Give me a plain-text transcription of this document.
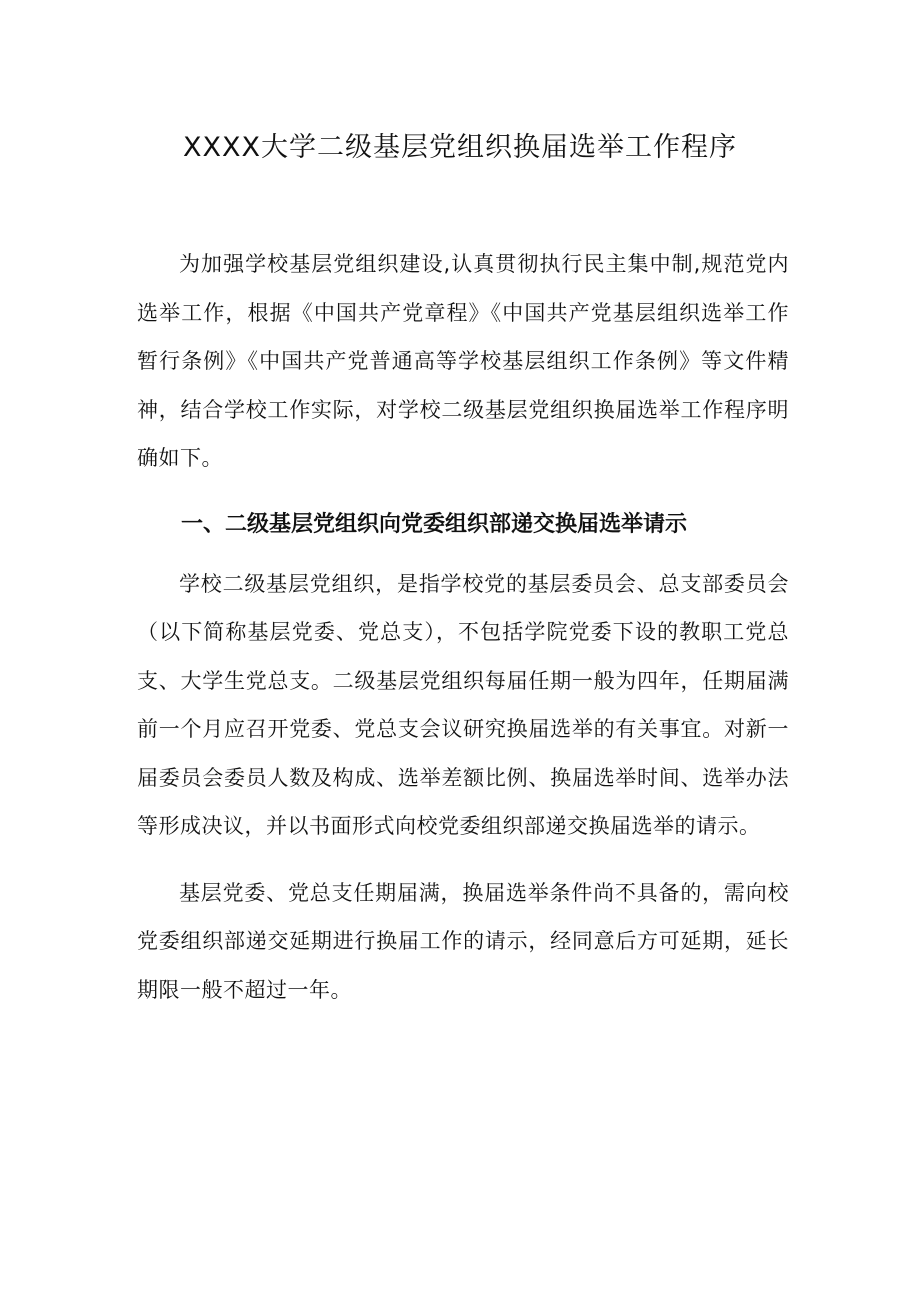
XXXX大学二级基层党组织换届选举工作程序

为加强学校基层党组织建设,认真贯彻执行民主集中制,规范党内选举工作，根据《中国共产党章程》《中国共产党基层组织选举工作暂行条例》《中国共产党普通高等学校基层组织工作条例》等文件精神，结合学校工作实际，对学校二级基层党组织换届选举工作程序明确如下。

一、二级基层党组织向党委组织部递交换届选举请示

学校二级基层党组织，是指学校党的基层委员会、总支部委员会（以下简称基层党委、党总支），不包括学院党委下设的教职工党总支、大学生党总支。二级基层党组织每届任期一般为四年，任期届满前一个月应召开党委、党总支会议研究换届选举的有关事宜。对新一届委员会委员人数及构成、选举差额比例、换届选举时间、选举办法等形成决议，并以书面形式向校党委组织部递交换届选举的请示。

基层党委、党总支任期届满，换届选举条件尚不具备的，需向校党委组织部递交延期进行换届工作的请示，经同意后方可延期，延长期限一般不超过一年。
